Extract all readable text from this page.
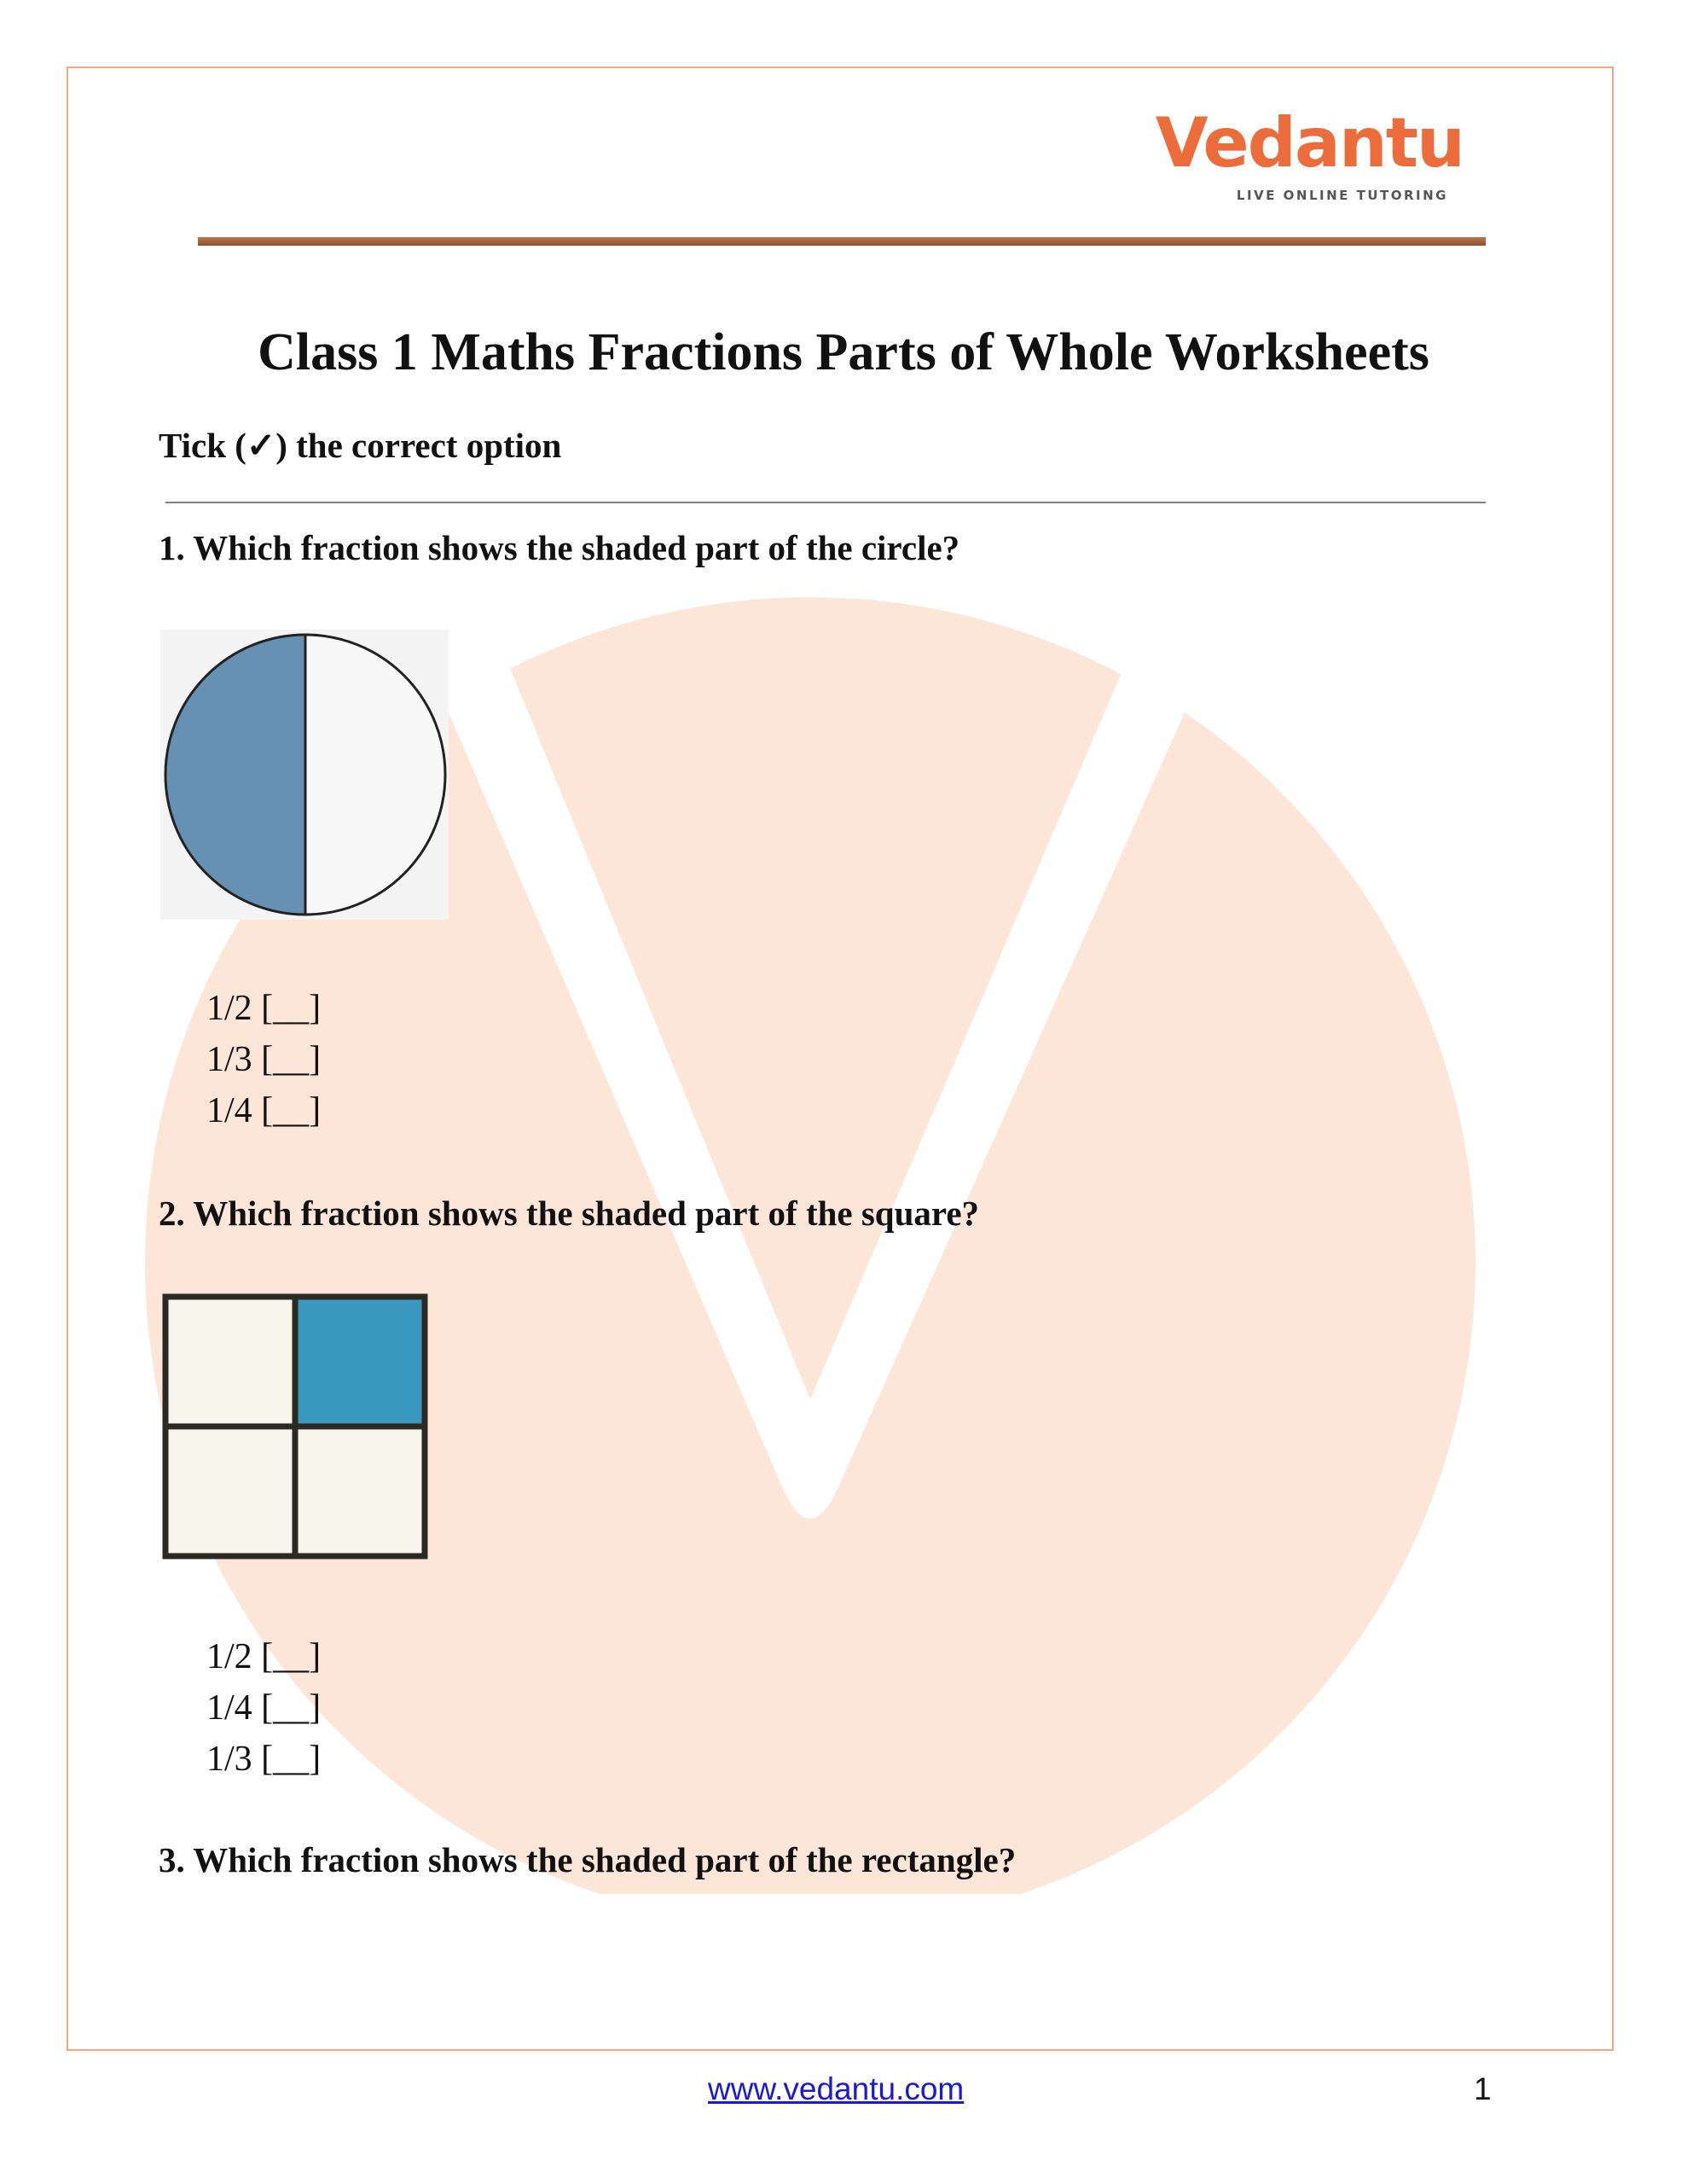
Vedantu
LIVE ONLINE TUTORING
Class 1 Maths Fractions Parts of Whole Worksheets
Tick (✓) the correct option
1. Which fraction shows the shaded part of the circle?
1/2 [__]
1/3 [__]
1/4 [__]
2. Which fraction shows the shaded part of the square?
1/2 [__]
1/4 [__]
1/3 [__]
3. Which fraction shows the shaded part of the rectangle?
www.vedantu.com	1
